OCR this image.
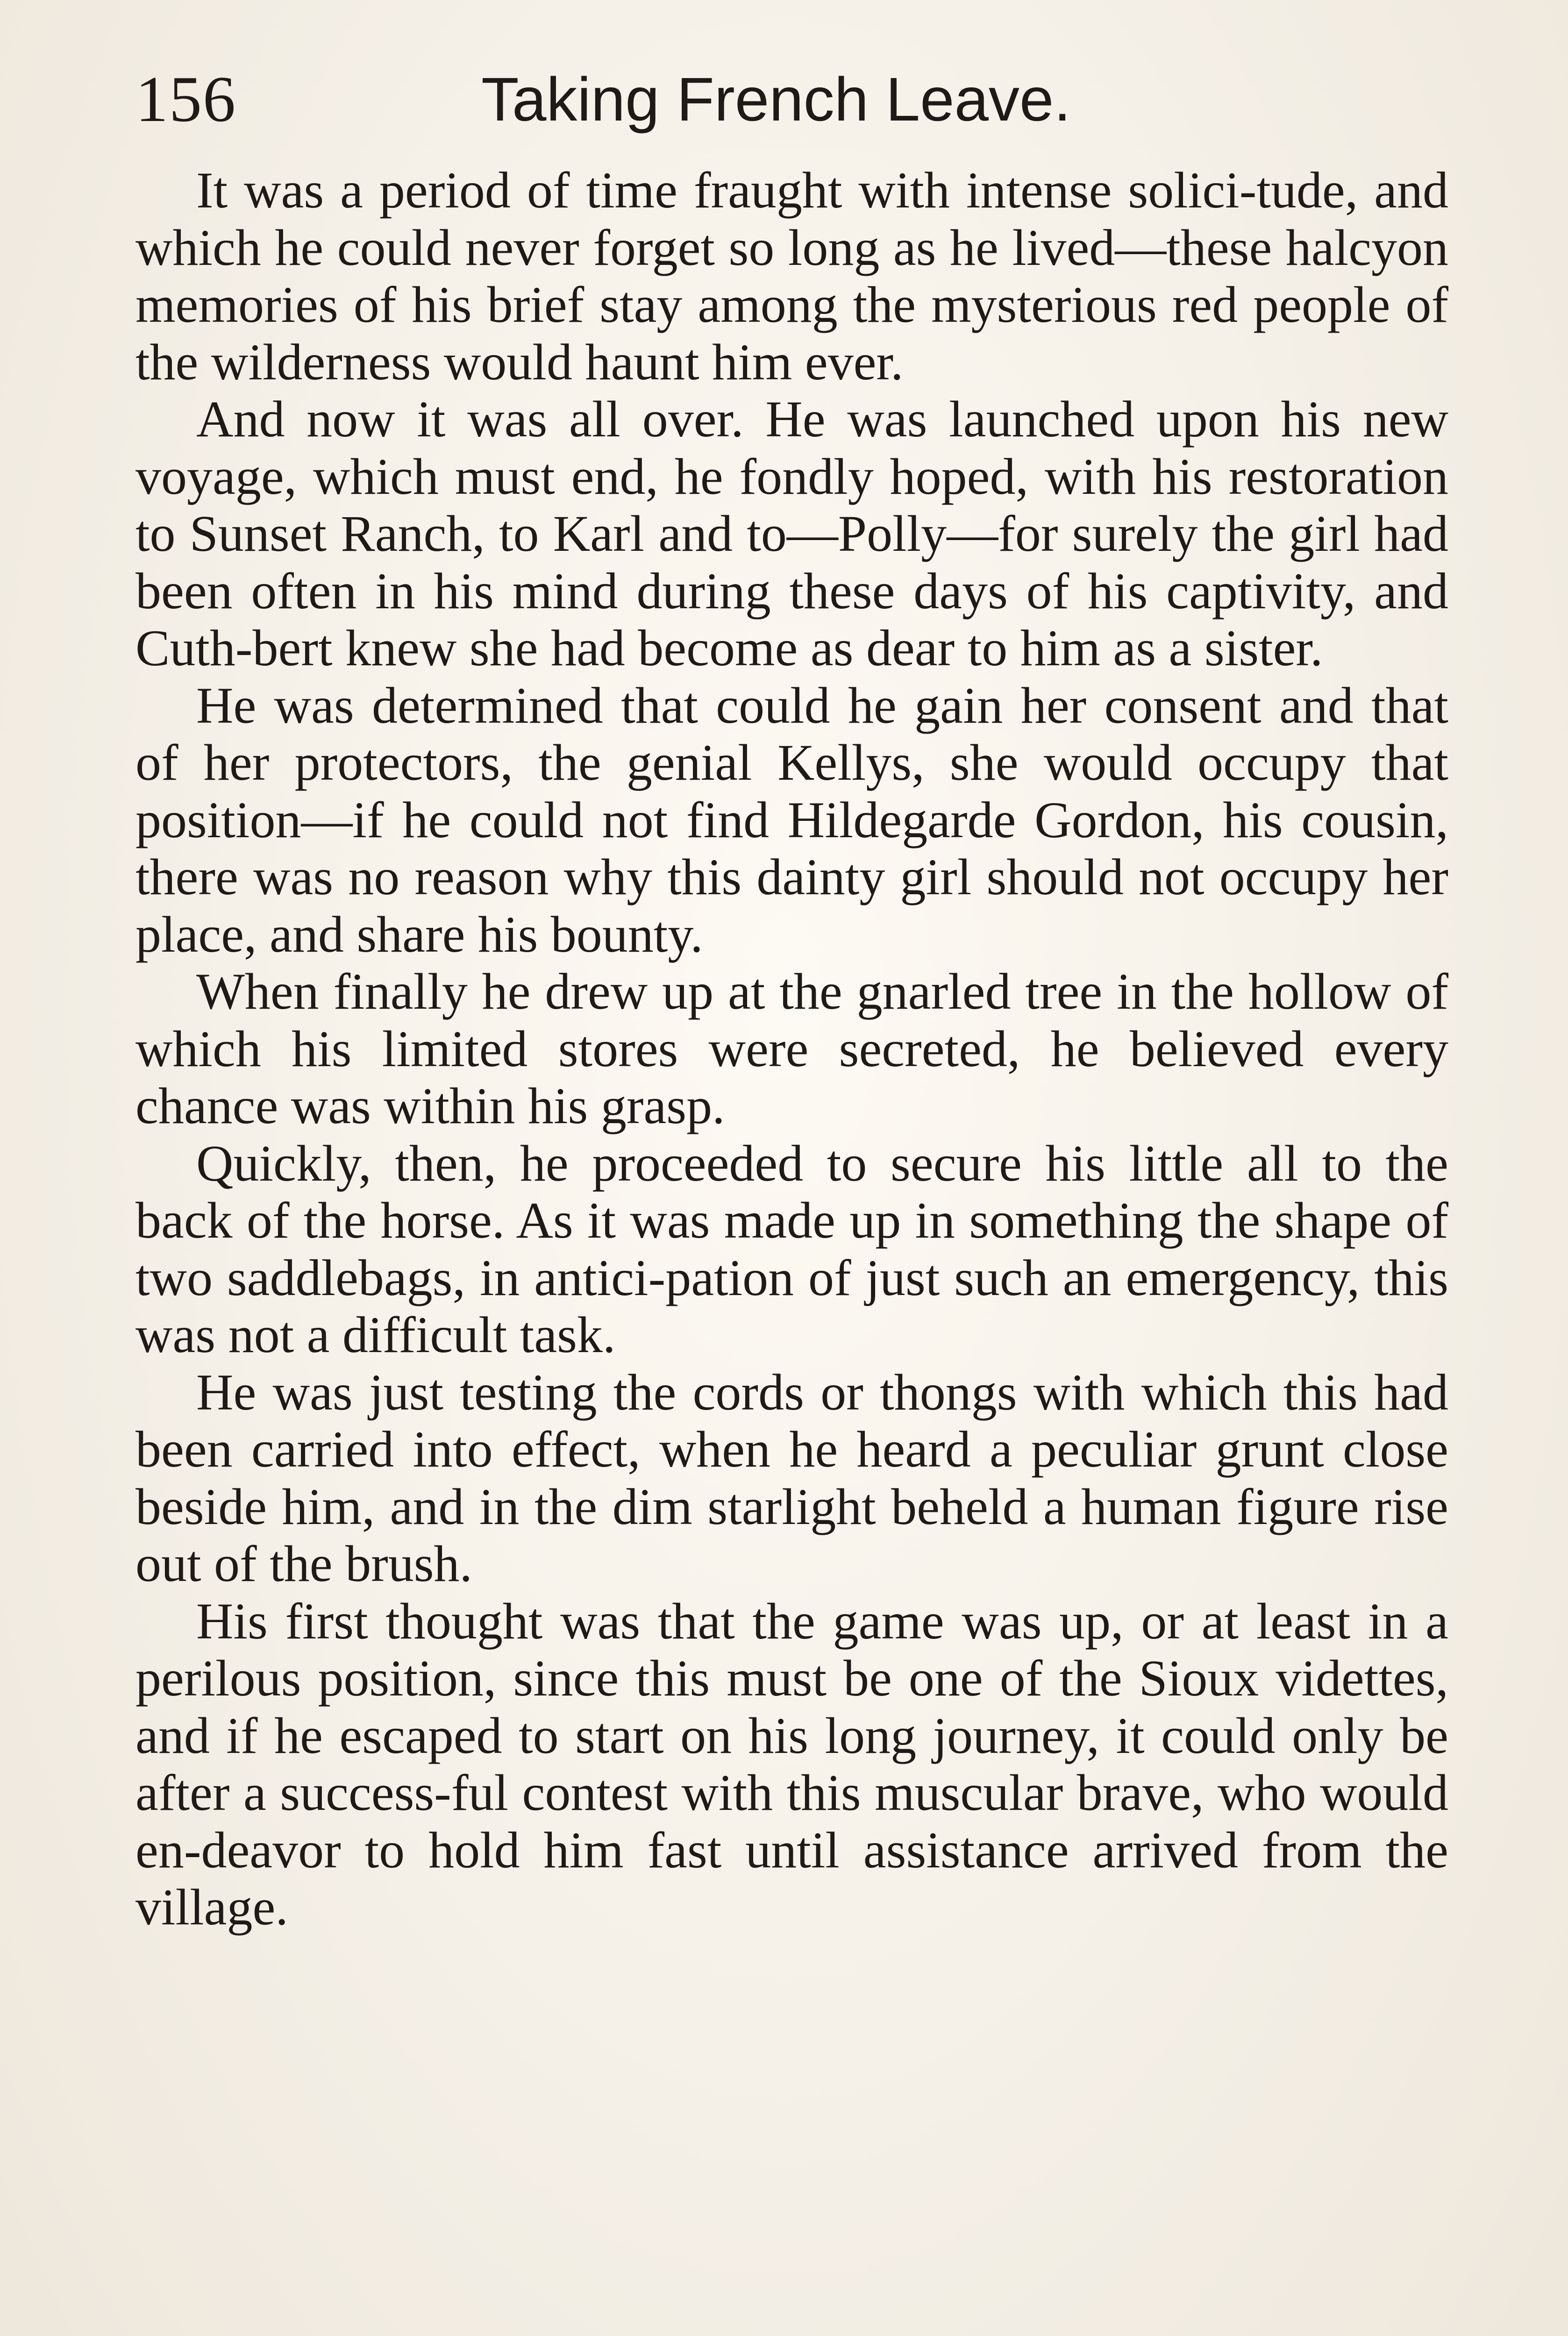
156	Taking French Leave.

It was a period of time fraught with intense solici-tude, and which he could never forget so long as he lived—these halcyon memories of his brief stay among the mysterious red people of the wilderness would haunt him ever.

And now it was all over. He was launched upon his new voyage, which must end, he fondly hoped, with his restoration to Sunset Ranch, to Karl and to—Polly—for surely the girl had been often in his mind during these days of his captivity, and Cuth-bert knew she had become as dear to him as a sister.

He was determined that could he gain her consent and that of her protectors, the genial Kellys, she would occupy that position—if he could not find Hildegarde Gordon, his cousin, there was no reason why this dainty girl should not occupy her place, and share his bounty.

When finally he drew up at the gnarled tree in the hollow of which his limited stores were secreted, he believed every chance was within his grasp.

Quickly, then, he proceeded to secure his little all to the back of the horse. As it was made up in something the shape of two saddlebags, in antici-pation of just such an emergency, this was not a difficult task.

He was just testing the cords or thongs with which this had been carried into effect, when he heard a peculiar grunt close beside him, and in the dim starlight beheld a human figure rise out of the brush.

His first thought was that the game was up, or at least in a perilous position, since this must be one of the Sioux videttes, and if he escaped to start on his long journey, it could only be after a success-ful contest with this muscular brave, who would en-deavor to hold him fast until assistance arrived from the village.
